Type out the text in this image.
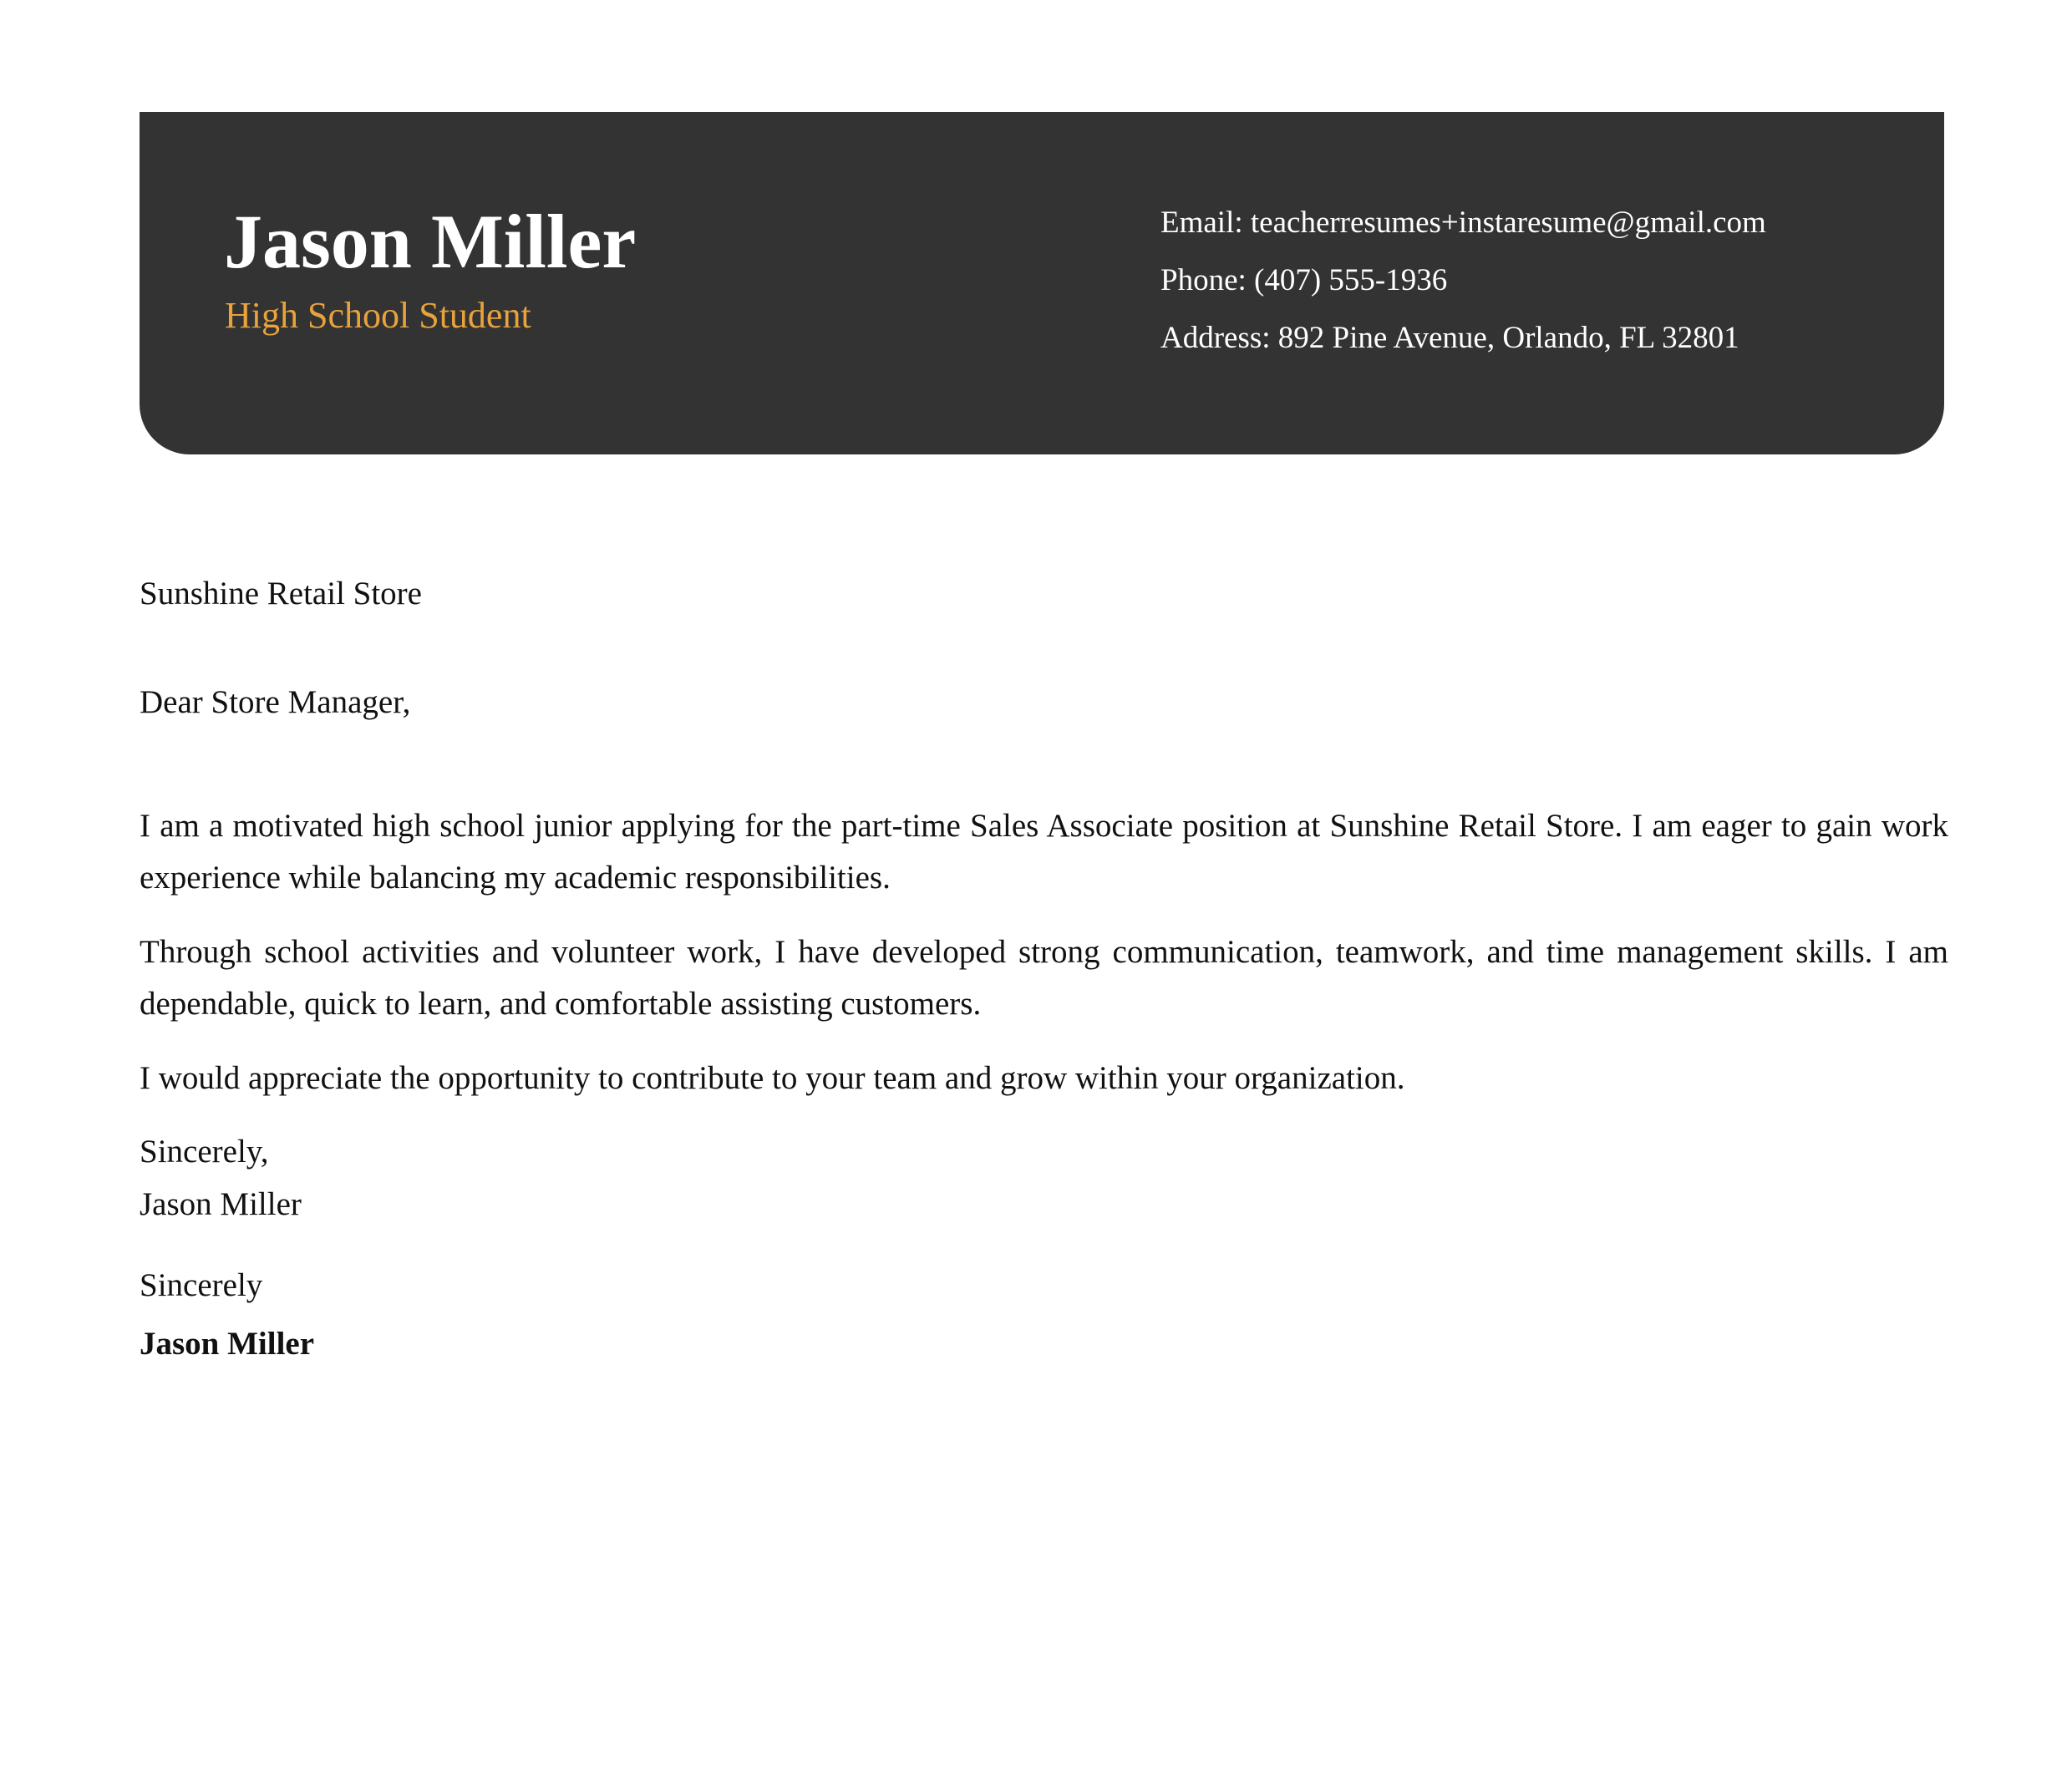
Jason Miller
High School Student
Email: teacherresumes+instaresume@gmail.com
Phone: (407) 555-1936
Address: 892 Pine Avenue, Orlando, FL 32801
Sunshine Retail Store
Dear Store Manager,

I am a motivated high school junior applying for the part-time Sales Associate position at Sunshine Retail Store. I am eager to gain work experience while balancing my academic responsibilities.

Through school activities and volunteer work, I have developed strong communication, teamwork, and time management skills. I am dependable, quick to learn, and comfortable assisting customers.

I would appreciate the opportunity to contribute to your team and grow within your organization.

Sincerely,
Jason Miller
Sincerely
Jason Miller
